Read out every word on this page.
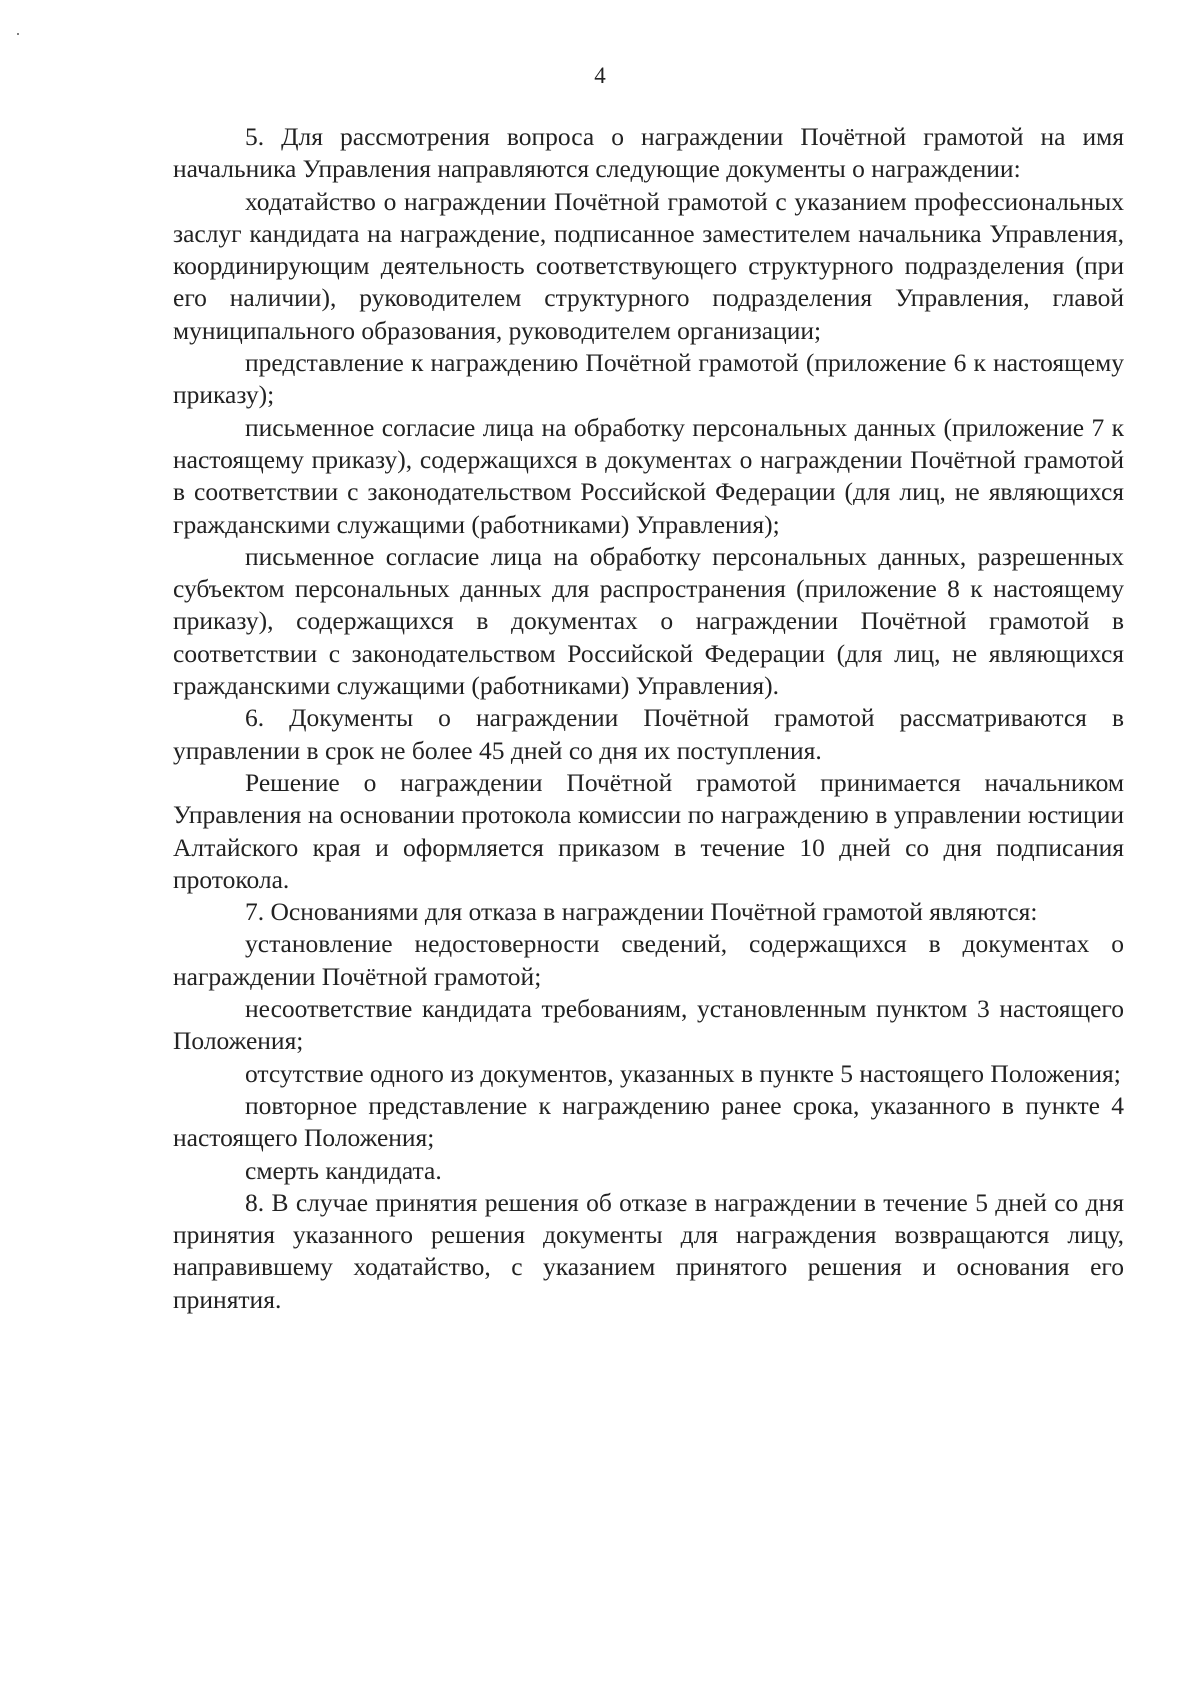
4

5. Для рассмотрения вопроса о награждении Почётной грамотой на имя начальника Управления направляются следующие документы о награждении:

ходатайство о награждении Почётной грамотой с указанием профессиональных заслуг кандидата на награждение, подписанное заместителем начальника Управления, координирующим деятельность соответствующего структурного подразделения (при его наличии), руководителем структурного подразделения Управления, главой муниципального образования, руководителем организации;

представление к награждению Почётной грамотой (приложение 6 к настоящему приказу);

письменное согласие лица на обработку персональных данных (приложение 7 к настоящему приказу), содержащихся в документах о награждении Почётной грамотой в соответствии с законодательством Российской Федерации (для лиц, не являющихся гражданскими служащими (работниками) Управления);

письменное согласие лица на обработку персональных данных, разрешенных субъектом персональных данных для распространения (приложение 8 к настоящему приказу), содержащихся в документах о награждении Почётной грамотой в соответствии с законодательством Российской Федерации (для лиц, не являющихся гражданскими служащими (работниками) Управления).

6. Документы о награждении Почётной грамотой рассматриваются в управлении в срок не более 45 дней со дня их поступления.

Решение о награждении Почётной грамотой принимается начальником Управления на основании протокола комиссии по награждению в управлении юстиции Алтайского края и оформляется приказом в течение 10 дней со дня подписания протокола.

7. Основаниями для отказа в награждении Почётной грамотой являются:

установление недостоверности сведений, содержащихся в документах о награждении Почётной грамотой;

несоответствие кандидата требованиям, установленным пунктом 3 настоящего Положения;

отсутствие одного из документов, указанных в пункте 5 настоящего Положения;

повторное представление к награждению ранее срока, указанного в пункте 4 настоящего Положения;

смерть кандидата.

8. В случае принятия решения об отказе в награждении в течение 5 дней со дня принятия указанного решения документы для награждения возвращаются лицу, направившему ходатайство, с указанием принятого решения и основания его принятия.
